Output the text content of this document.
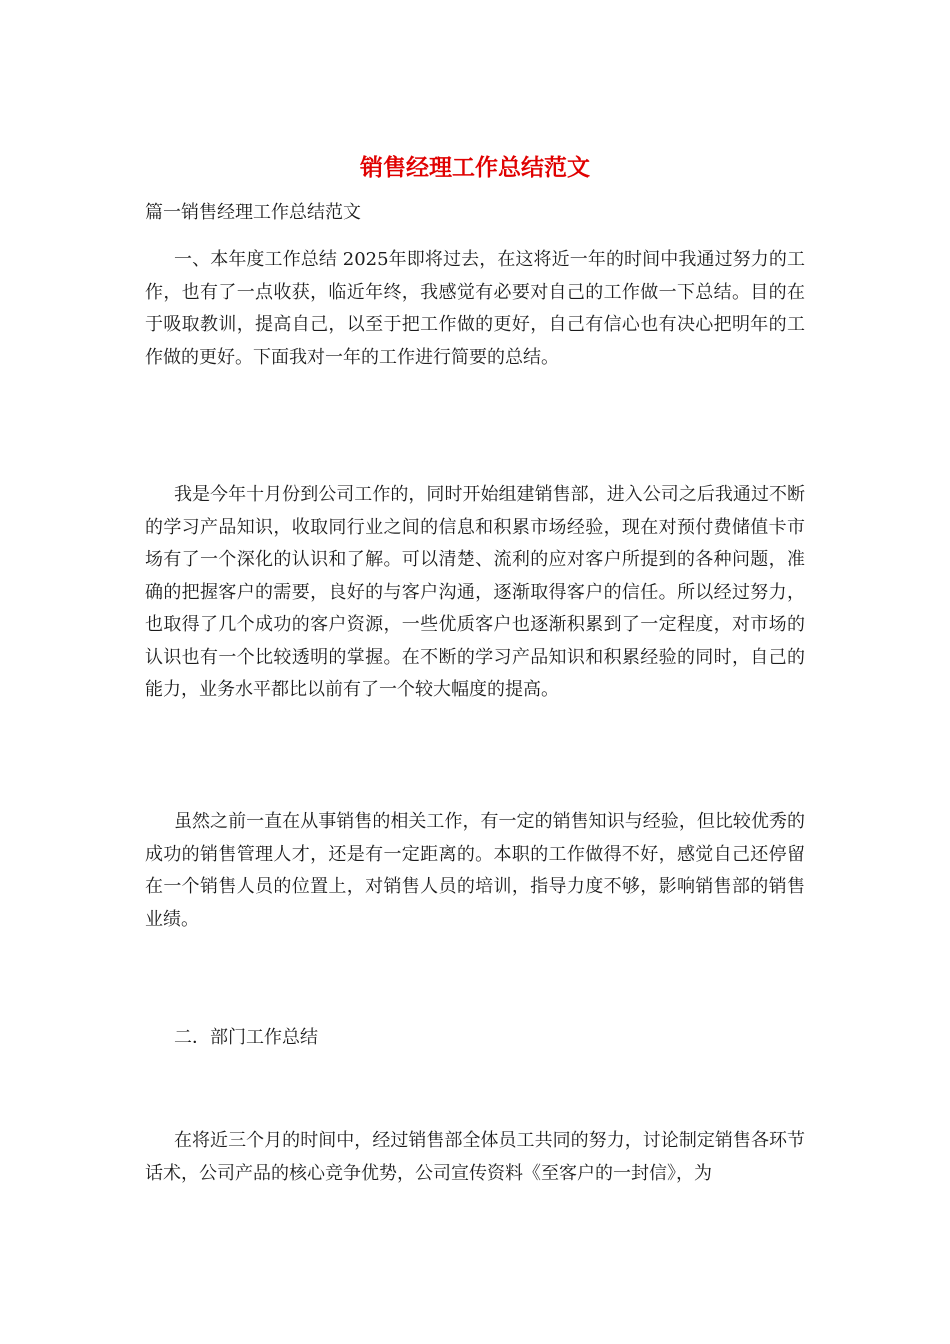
销售经理工作总结范文

篇一销售经理工作总结范文

一、本年度工作总结 2025年即将过去，在这将近一年的时间中我通过努力的工作，也有了一点收获，临近年终，我感觉有必要对自己的工作做一下总结。目的在于吸取教训，提高自己，以至于把工作做的更好，自己有信心也有决心把明年的工作做的更好。下面我对一年的工作进行简要的总结。

我是今年十月份到公司工作的，同时开始组建销售部，进入公司之后我通过不断的学习产品知识，收取同行业之间的信息和积累市场经验，现在对预付费储值卡市场有了一个深化的认识和了解。可以清楚、流利的应对客户所提到的各种问题，准确的把握客户的需要，良好的与客户沟通，逐渐取得客户的信任。所以经过努力，也取得了几个成功的客户资源，一些优质客户也逐渐积累到了一定程度，对市场的认识也有一个比较透明的掌握。在不断的学习产品知识和积累经验的同时，自己的能力，业务水平都比以前有了一个较大幅度的提高。

虽然之前一直在从事销售的相关工作，有一定的销售知识与经验，但比较优秀的成功的销售管理人才，还是有一定距离的。本职的工作做得不好，感觉自己还停留在一个销售人员的位置上，对销售人员的培训，指导力度不够，影响销售部的销售业绩。

二．部门工作总结

在将近三个月的时间中，经过销售部全体员工共同的努力，讨论制定销售各环节话术，公司产品的核心竞争优势，公司宣传资料《至客户的一封信》，为
